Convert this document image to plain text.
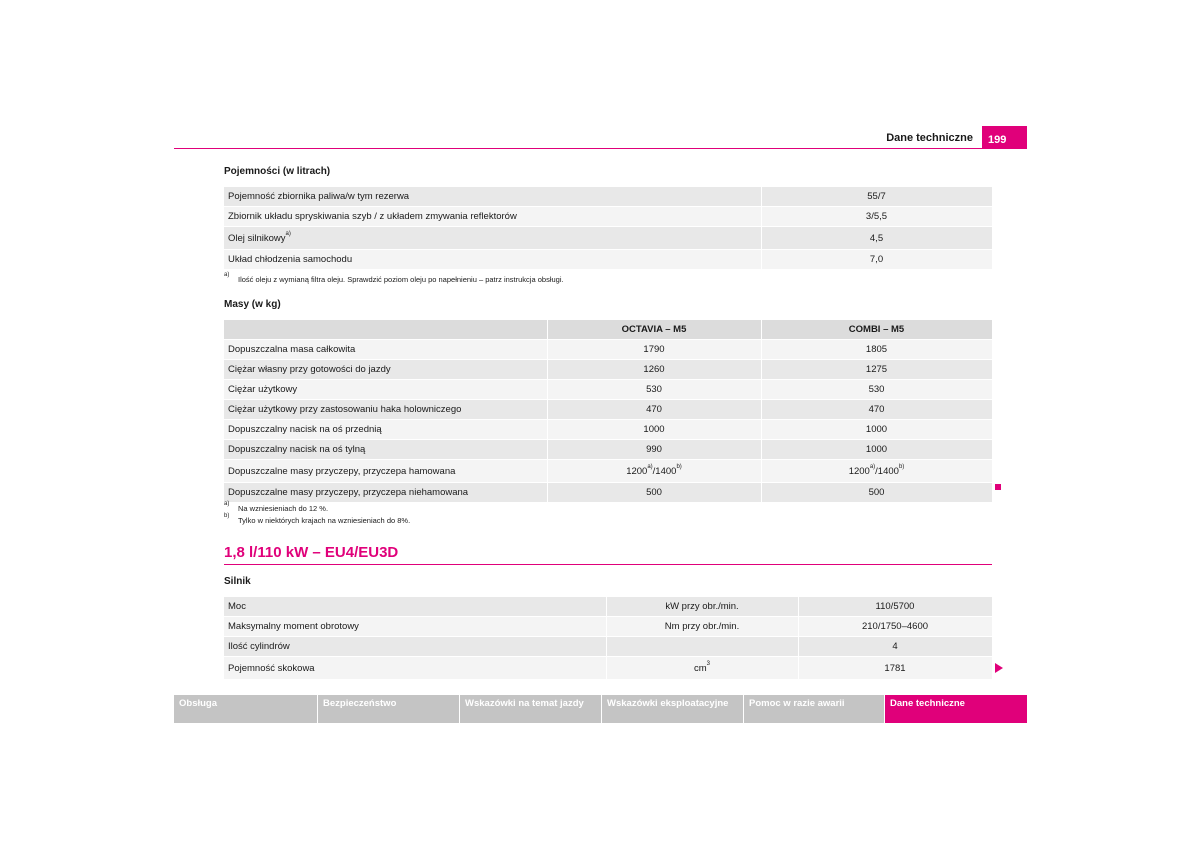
Dane techniczne	199
Pojemności (w litrach)
Pojemność zbiornika paliwa/w tym rezerwa	55/7
Zbiornik układu spryskiwania szyb / z układem zmywania reflektorów	3/5,5
Olej silnikowy$^{a)}$	4,5
Układ chłodzenia samochodu	7,0
a) Ilość oleju z wymianą filtra oleju. Sprawdzić poziom oleju po napełnieniu – patrz instrukcja obsługi.
Masy (w kg)
	OCTAVIA – M5	COMBI – M5
Dopuszczalna masa całkowita	1790	1805
Ciężar własny przy gotowości do jazdy	1260	1275
Ciężar użytkowy	530	530
Ciężar użytkowy przy zastosowaniu haka holowniczego	470	470
Dopuszczalny nacisk na oś przednią	1000	1000
Dopuszczalny nacisk na oś tylną	990	1000
Dopuszczalne masy przyczepy, przyczepa hamowana	1200$^{a)}$/1400$^{b)}$	1200$^{a)}$/1400$^{b)}$
Dopuszczalne masy przyczepy, przyczepa niehamowana	500	500
a) Na wzniesieniach do 12 %.
b) Tylko w niektórych krajach na wzniesieniach do 8%.
1,8 l/110 kW – EU4/EU3D
Silnik
Moc	kW przy obr./min.	110/5700
Maksymalny moment obrotowy	Nm przy obr./min.	210/1750–4600
Ilość cylindrów		4
Pojemność skokowa	$cm^3$	1781
Obsługa	Bezpieczeństwo	Wskazówki na temat jazdy	Wskazówki eksploatacyjne	Pomoc w razie awarii	Dane techniczne
